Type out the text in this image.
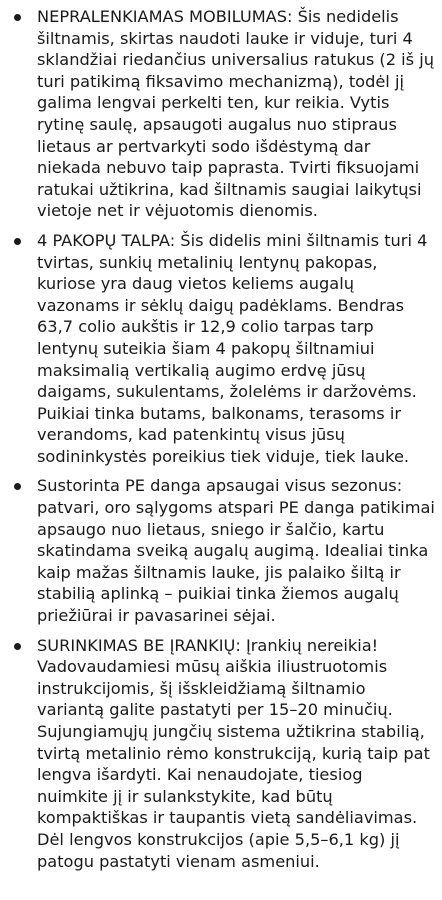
NEPRALENKIAMAS MOBILUMAS: Šis nedidelis šiltnamis, skirtas naudoti lauke ir viduje, turi 4 sklandžiai riedančius universalius ratukus (2 iš jų turi patikimą fiksavimo mechanizmą), todėl jį galima lengvai perkelti ten, kur reikia. Vytis rytinę saulę, apsaugoti augalus nuo stipraus lietaus ar pertvarkyti sodo išdėstymą dar niekada nebuvo taip paprasta. Tvirti fiksuojami ratukai užtikrina, kad šiltnamis saugiai laikytųsi vietoje net ir vėjuotomis dienomis.
4 PAKOPŲ TALPA: Šis didelis mini šiltnamis turi 4 tvirtas, sunkių metalinių lentynų pakopas, kuriose yra daug vietos keliems augalų vazonams ir sėklų daigų padėklams. Bendras 63,7 colio aukštis ir 12,9 colio tarpas tarp lentynų suteikia šiam 4 pakopų šiltnamiui maksimalią vertikalią augimo erdvę jūsų daigams, sukulentams, žolelėms ir daržovėms. Puikiai tinka butams, balkonams, terasoms ir verandoms, kad patenkintų visus jūsų sodininkystės poreikius tiek viduje, tiek lauke.
Sustorinta PE danga apsaugai visus sezonus: patvari, oro sąlygoms atspari PE danga patikimai apsaugo nuo lietaus, sniego ir šalčio, kartu skatindama sveiką augalų augimą. Idealiai tinka kaip mažas šiltnamis lauke, jis palaiko šiltą ir stabilią aplinką – puikiai tinka žiemos augalų priežiūrai ir pavasarinei sėjai.
SURINKIMAS BE ĮRANKIŲ: Įrankių nereikia! Vadovaudamiesi mūsų aiškia iliustruotomis instrukcijomis, šį išskleidžiamą šiltnamio variantą galite pastatyti per 15–20 minučių. Sujungiamųjų jungčių sistema užtikrina stabilią, tvirtą metalinio rėmo konstrukciją, kurią taip pat lengva išardyti. Kai nenaudojate, tiesiog nuimkite jį ir sulankstykite, kad būtų kompaktiškas ir taupantis vietą sandėliavimas. Dėl lengvos konstrukcijos (apie 5,5–6,1 kg) jį patogu pastatyti vienam asmeniui.
